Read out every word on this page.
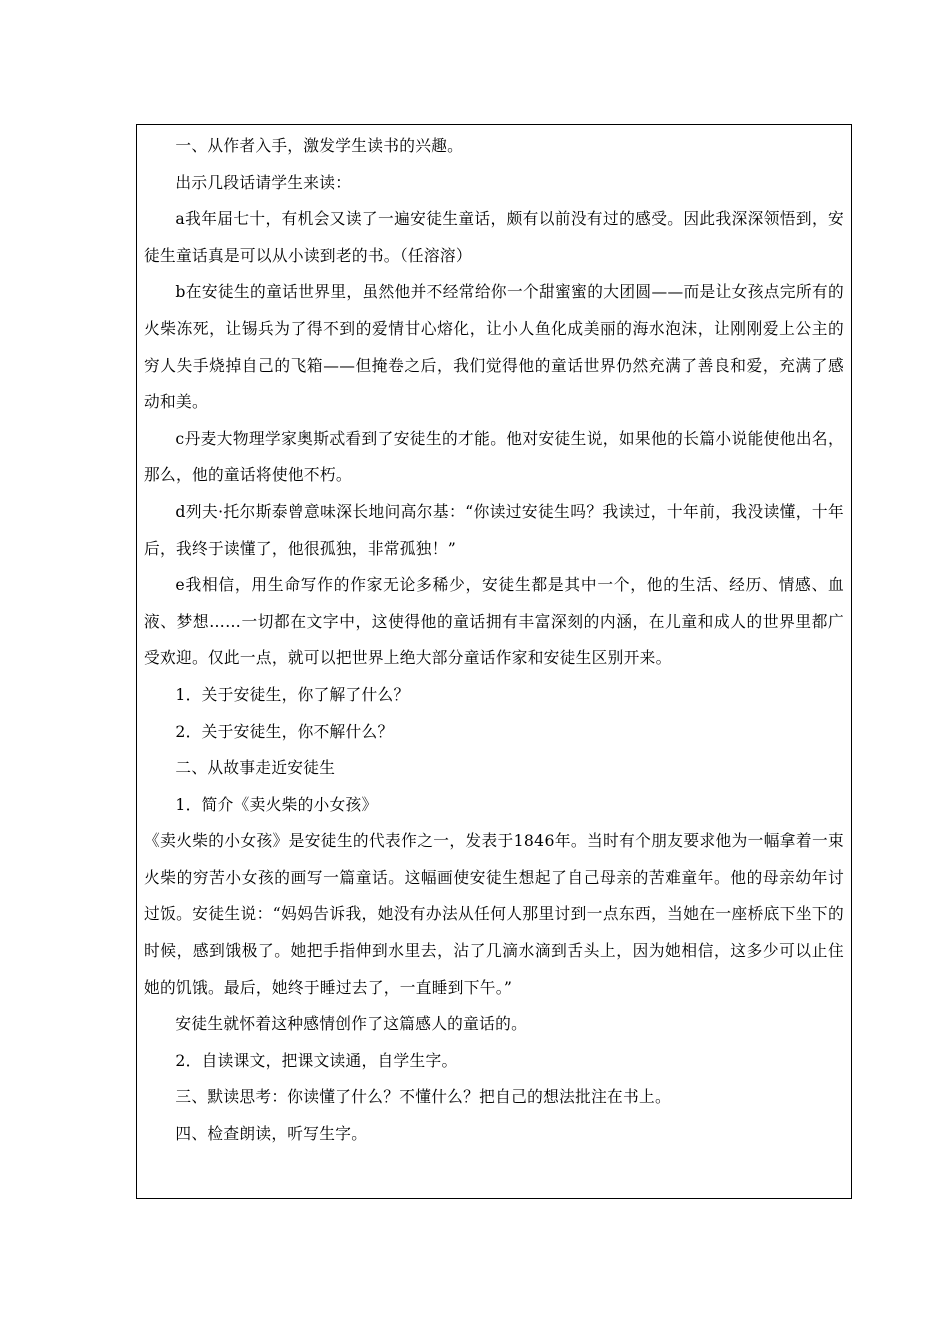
一、从作者入手，激发学生读书的兴趣。

出示几段话请学生来读：

a我年届七十，有机会又读了一遍安徒生童话，颇有以前没有过的感受。因此我深深领悟到，安徒生童话真是可以从小读到老的书。（任溶溶）

b在安徒生的童话世界里，虽然他并不经常给你一个甜蜜蜜的大团圆——而是让女孩点完所有的火柴冻死，让锡兵为了得不到的爱情甘心熔化，让小人鱼化成美丽的海水泡沫，让刚刚爱上公主的穷人失手烧掉自己的飞箱——但掩卷之后，我们觉得他的童话世界仍然充满了善良和爱，充满了感动和美。

c丹麦大物理学家奥斯忒看到了安徒生的才能。他对安徒生说，如果他的长篇小说能使他出名，那么，他的童话将使他不朽。

d列夫·托尔斯泰曾意味深长地问高尔基：“你读过安徒生吗？我读过，十年前，我没读懂，十年后，我终于读懂了，他很孤独，非常孤独！”

e我相信，用生命写作的作家无论多稀少，安徒生都是其中一个，他的生活、经历、情感、血液、梦想……一切都在文字中，这使得他的童话拥有丰富深刻的内涵，在儿童和成人的世界里都广受欢迎。仅此一点，就可以把世界上绝大部分童话作家和安徒生区别开来。

1．关于安徒生，你了解了什么？

2．关于安徒生，你不解什么？

二、从故事走近安徒生

1．简介《卖火柴的小女孩》

《卖火柴的小女孩》是安徒生的代表作之一，发表于1846年。当时有个朋友要求他为一幅拿着一束火柴的穷苦小女孩的画写一篇童话。这幅画使安徒生想起了自己母亲的苦难童年。他的母亲幼年讨过饭。安徒生说：“妈妈告诉我，她没有办法从任何人那里讨到一点东西，当她在一座桥底下坐下的时候，感到饿极了。她把手指伸到水里去，沾了几滴水滴到舌头上，因为她相信，这多少可以止住她的饥饿。最后，她终于睡过去了，一直睡到下午。”

安徒生就怀着这种感情创作了这篇感人的童话的。

2．自读课文，把课文读通，自学生字。

三、默读思考：你读懂了什么？不懂什么？把自己的想法批注在书上。

四、检查朗读，听写生字。
